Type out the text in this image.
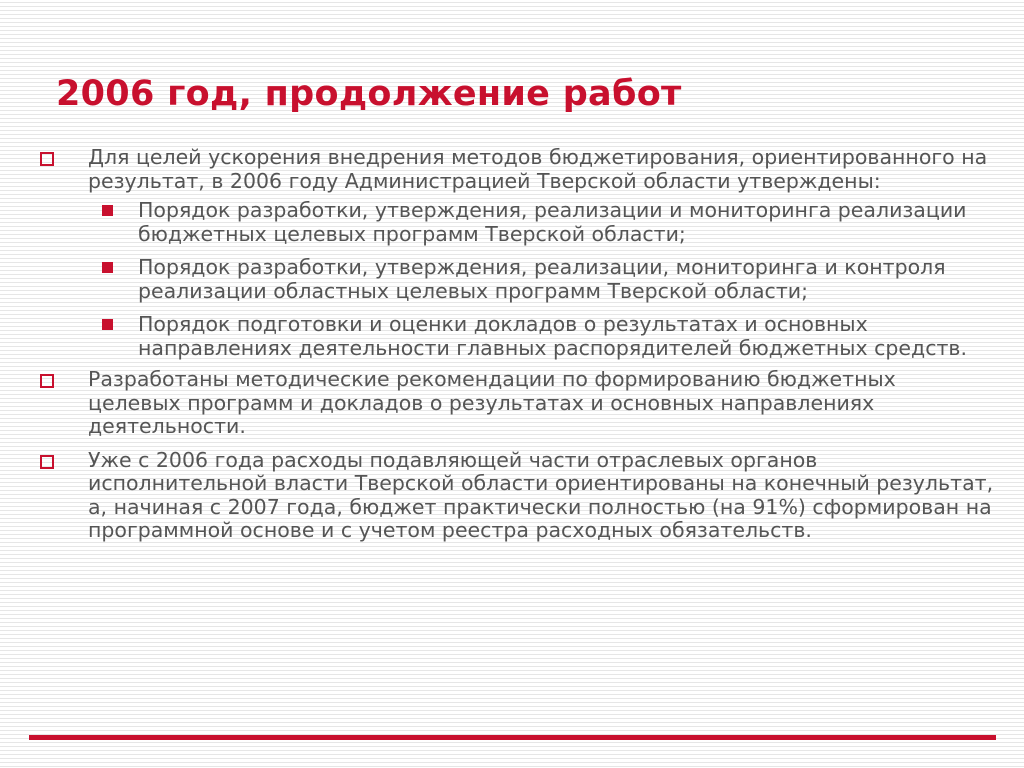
2006 год, продолжение работ
Для целей ускорения внедрения методов бюджетирования, ориентированного на результат, в 2006 году Администрацией Тверской области утверждены:
Порядок разработки, утверждения, реализации и мониторинга реализации бюджетных целевых программ Тверской области;
Порядок разработки, утверждения, реализации, мониторинга и контроля реализации областных целевых программ Тверской области;
Порядок подготовки и оценки докладов о результатах и основных направлениях деятельности главных распорядителей бюджетных средств.
Разработаны методические рекомендации по формированию бюджетных целевых программ и докладов о результатах и основных направлениях деятельности.
Уже с 2006 года расходы подавляющей части отраслевых органов исполнительной власти Тверской области ориентированы на конечный результат, а, начиная с 2007 года, бюджет практически полностью (на 91%) сформирован на программной основе и с учетом реестра расходных обязательств.
